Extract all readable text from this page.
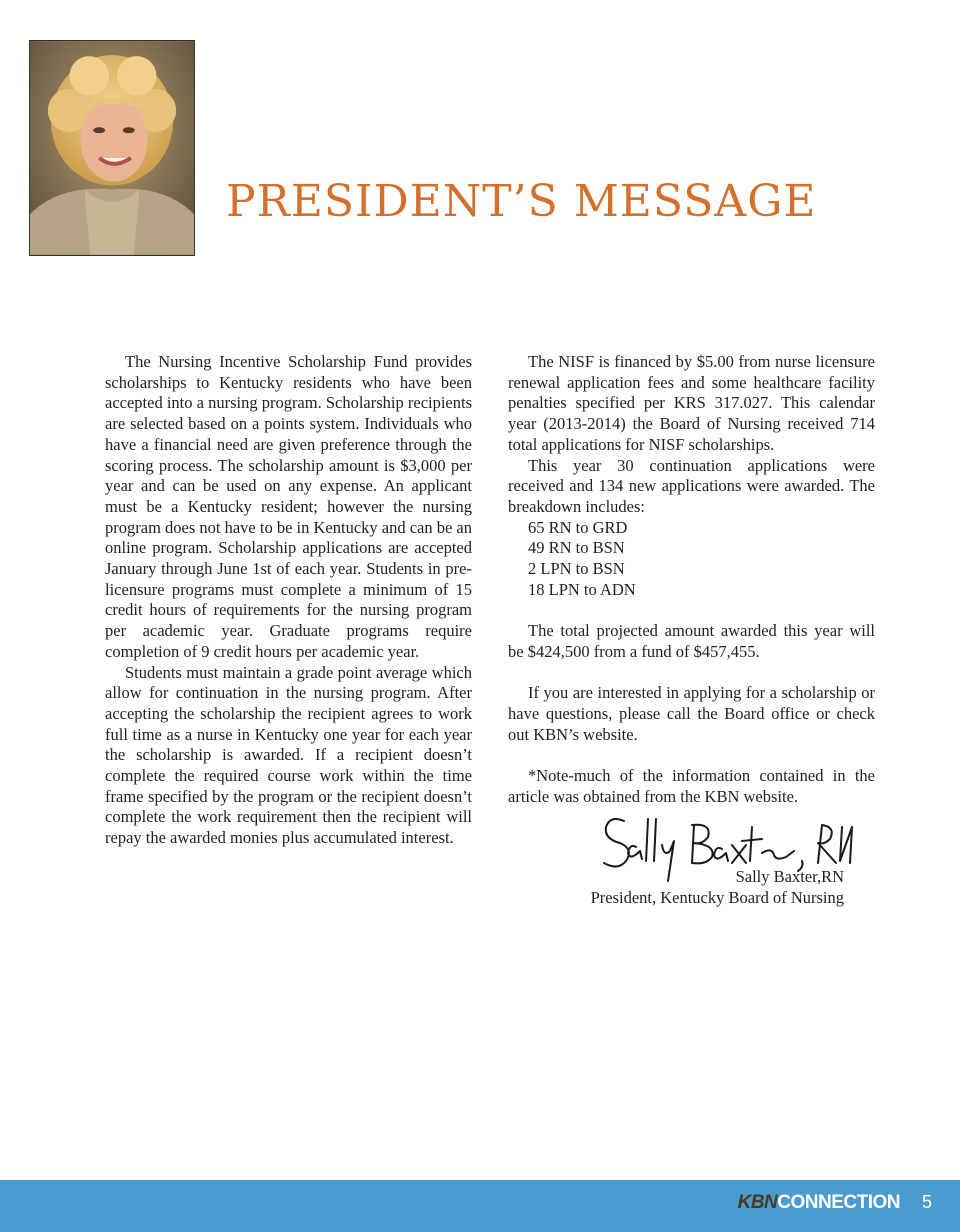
PRESIDENT’S MESSAGE

The Nursing Incentive Scholarship Fund provides scholarships to Kentucky residents who have been accepted into a nursing program. Scholarship recipients are selected based on a points system. Individuals who have a financial need are given preference through the scoring process. The scholarship amount is $3,000 per year and can be used on any expense. An applicant must be a Kentucky resident; however the nursing program does not have to be in Kentucky and can be an online program. Scholarship applications are accepted January through June 1st of each year. Students in pre-licensure programs must complete a minimum of 15 credit hours of requirements for the nursing program per academic year. Graduate programs require completion of 9 credit hours per academic year.

Students must maintain a grade point average which allow for continuation in the nursing program. After accepting the scholarship the recipient agrees to work full time as a nurse in Kentucky one year for each year the scholarship is awarded. If a recipient doesn’t complete the required course work within the time frame specified by the program or the recipient doesn’t complete the work requirement then the recipient will repay the awarded monies plus accumulated interest.

The NISF is financed by $5.00 from nurse licensure renewal application fees and some healthcare facility penalties specified per KRS 317.027. This calendar year (2013-2014) the Board of Nursing received 714 total applications for NISF scholarships.

This year 30 continuation applications were received and 134 new applications were awarded. The breakdown includes:

65 RN to GRD
49 RN to BSN
2 LPN to BSN
18 LPN to ADN

The total projected amount awarded this year will be $424,500 from a fund of $457,455.

If you are interested in applying for a scholarship or have questions, please call the Board office or check out KBN’s website.

*Note-much of the information contained in the article was obtained from the KBN website.

Sally Baxter,RN
President, Kentucky Board of Nursing
KBNCONNECTION 5
